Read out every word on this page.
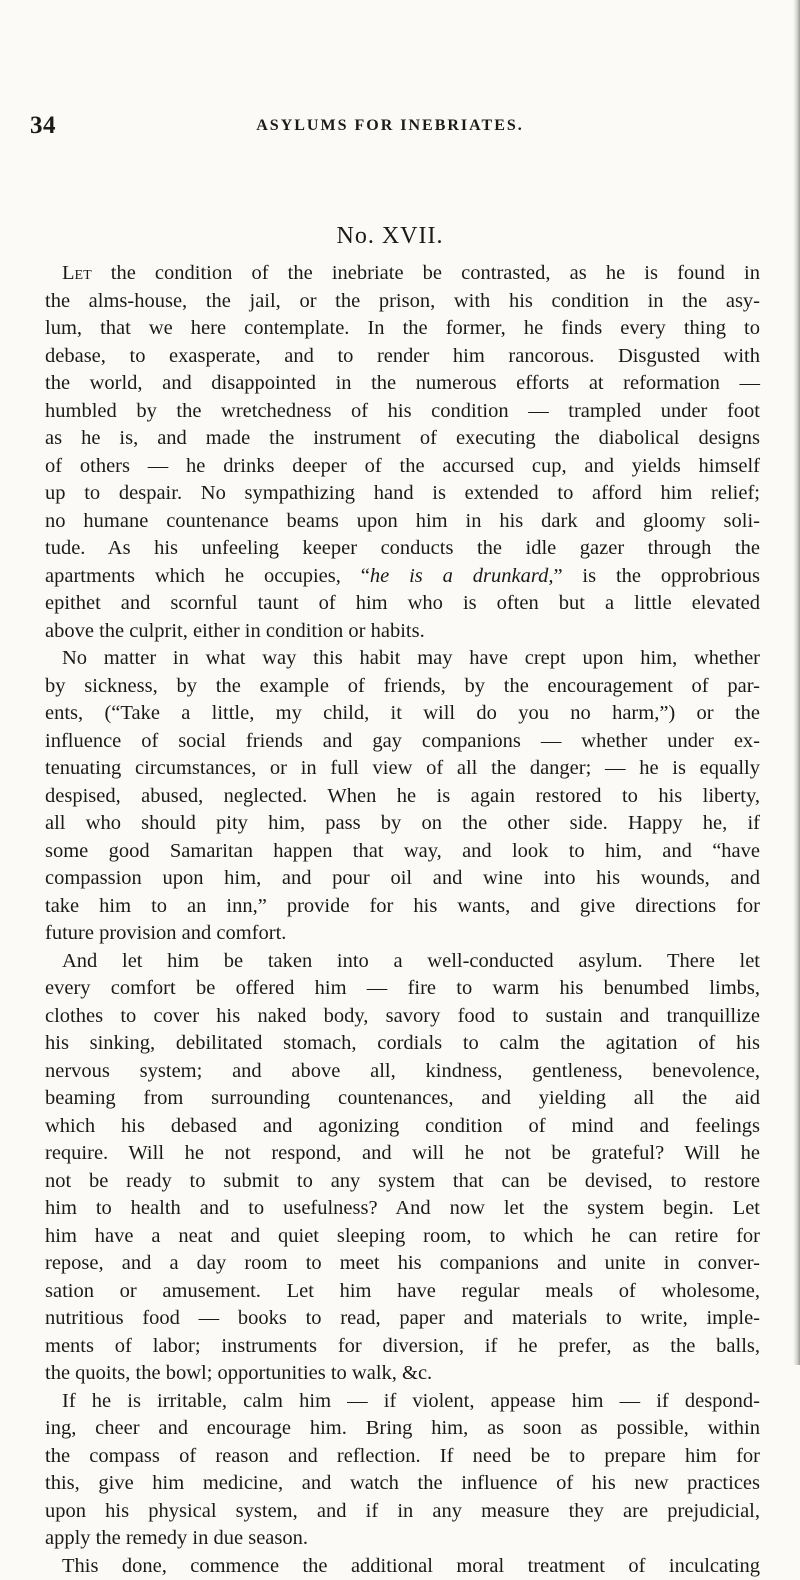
34	ASYLUMS FOR INEBRIATES.
No. XVII.
Let the condition of the inebriate be contrasted, as he is found in
the alms-house, the jail, or the prison, with his condition in the asy-
lum, that we here contemplate. In the former, he finds every thing to
debase, to exasperate, and to render him rancorous. Disgusted with
the world, and disappointed in the numerous efforts at reformation —
humbled by the wretchedness of his condition — trampled under foot
as he is, and made the instrument of executing the diabolical designs
of others — he drinks deeper of the accursed cup, and yields himself
up to despair. No sympathizing hand is extended to afford him relief;
no humane countenance beams upon him in his dark and gloomy soli-
tude. As his unfeeling keeper conducts the idle gazer through the
apartments which he occupies, “he is a drunkard,” is the opprobrious
epithet and scornful taunt of him who is often but a little elevated
above the culprit, either in condition or habits.
No matter in what way this habit may have crept upon him, whether
by sickness, by the example of friends, by the encouragement of par-
ents, (“Take a little, my child, it will do you no harm,”) or the
influence of social friends and gay companions — whether under ex-
tenuating circumstances, or in full view of all the danger; — he is equally
despised, abused, neglected. When he is again restored to his liberty,
all who should pity him, pass by on the other side. Happy he, if
some good Samaritan happen that way, and look to him, and “have
compassion upon him, and pour oil and wine into his wounds, and
take him to an inn,” provide for his wants, and give directions for
future provision and comfort.
And let him be taken into a well-conducted asylum. There let
every comfort be offered him — fire to warm his benumbed limbs,
clothes to cover his naked body, savory food to sustain and tranquillize
his sinking, debilitated stomach, cordials to calm the agitation of his
nervous system; and above all, kindness, gentleness, benevolence,
beaming from surrounding countenances, and yielding all the aid
which his debased and agonizing condition of mind and feelings
require. Will he not respond, and will he not be grateful? Will he
not be ready to submit to any system that can be devised, to restore
him to health and to usefulness? And now let the system begin. Let
him have a neat and quiet sleeping room, to which he can retire for
repose, and a day room to meet his companions and unite in conver-
sation or amusement. Let him have regular meals of wholesome,
nutritious food — books to read, paper and materials to write, imple-
ments of labor; instruments for diversion, if he prefer, as the balls,
the quoits, the bowl; opportunities to walk, &c.
If he is irritable, calm him — if violent, appease him — if despond-
ing, cheer and encourage him. Bring him, as soon as possible, within
the compass of reason and reflection. If need be to prepare him for
this, give him medicine, and watch the influence of his new practices
upon his physical system, and if in any measure they are prejudicial,
apply the remedy in due season.
This done, commence the additional moral treatment of inculcating
